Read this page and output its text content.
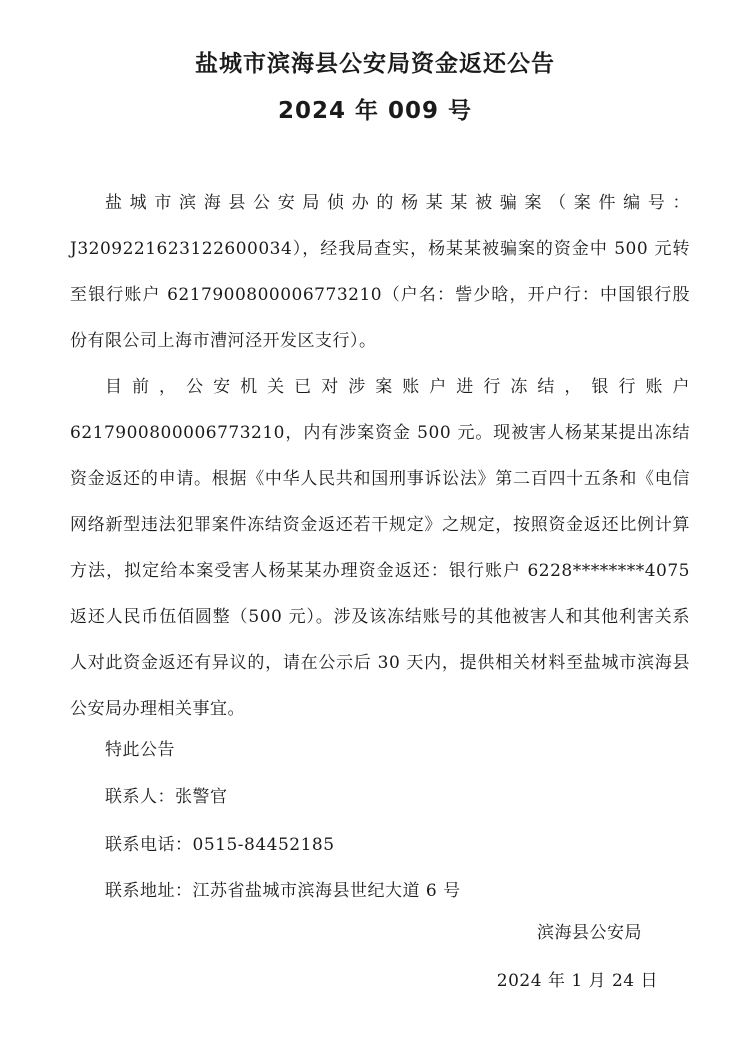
盐城市滨海县公安局资金返还公告
2024 年 009 号

盐城市滨海县公安局侦办的杨某某被骗案（案件编号：J3209221623122600034），经我局查实，杨某某被骗案的资金中 500 元转至银行账户 6217900800006773210（户名：訾少晗，开户行：中国银行股份有限公司上海市漕河泾开发区支行）。

目前，公安机关已对涉案账户进行冻结，银行账户 6217900800006773210，内有涉案资金 500 元。现被害人杨某某提出冻结资金返还的申请。根据《中华人民共和国刑事诉讼法》第二百四十五条和《电信网络新型违法犯罪案件冻结资金返还若干规定》之规定，按照资金返还比例计算方法，拟定给本案受害人杨某某办理资金返还：银行账户 6228********4075 返还人民币伍佰圆整（500 元）。涉及该冻结账号的其他被害人和其他利害关系人对此资金返还有异议的，请在公示后 30 天内，提供相关材料至盐城市滨海县公安局办理相关事宜。

特此公告
联系人：张警官
联系电话：0515-84452185
联系地址：江苏省盐城市滨海县世纪大道 6 号
滨海县公安局
2024 年 1 月 24 日
